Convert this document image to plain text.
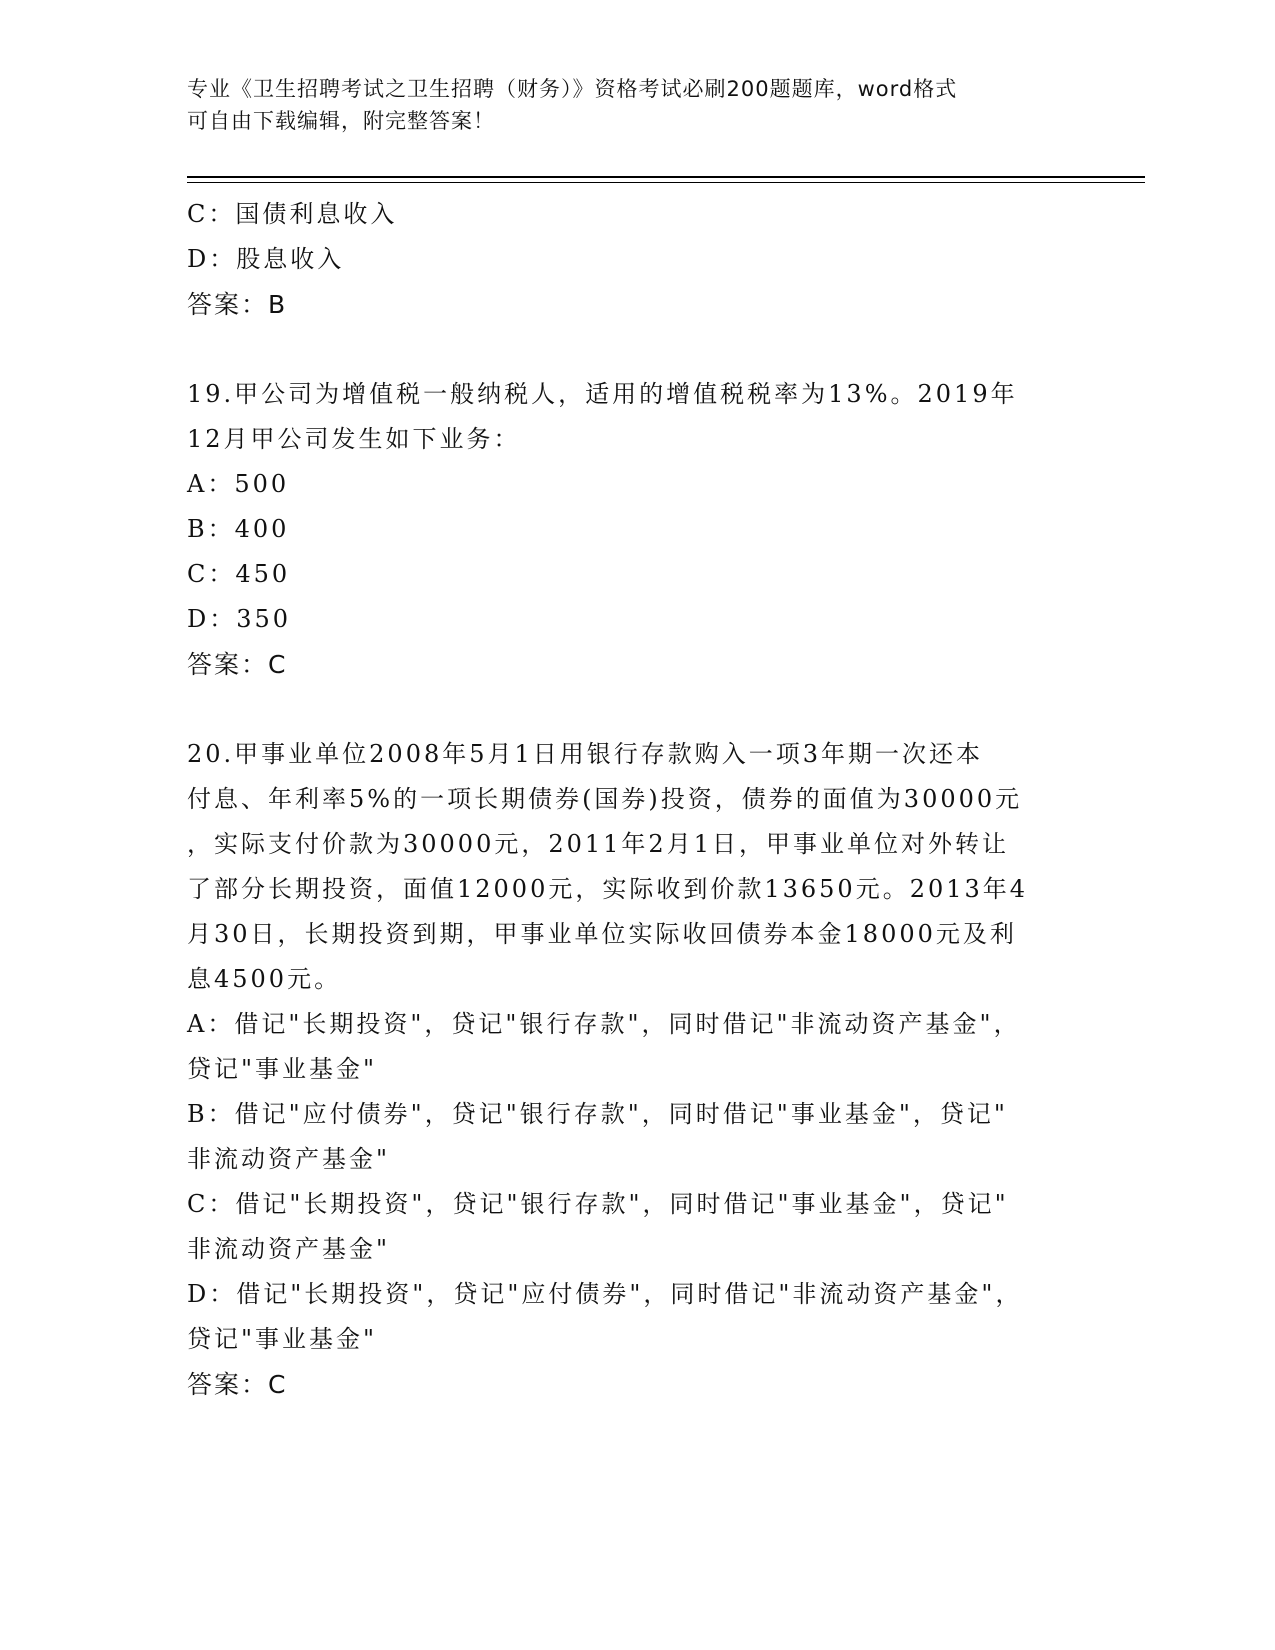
专业《卫生招聘考试之卫生招聘（财务）》资格考试必刷200题题库，word格式
可自由下载编辑，附完整答案！
C：国债利息收入
D：股息收入
答案：B
19.甲公司为增值税一般纳税人，适用的增值税税率为13%。2019年
12月甲公司发生如下业务：
A：500
B：400
C：450
D：350
答案：C
20.甲事业单位2008年5月1日用银行存款购入一项3年期一次还本
付息、年利率5%的一项长期债券(国券)投资，债券的面值为30000元
，实际支付价款为30000元，2011年2月1日，甲事业单位对外转让
了部分长期投资，面值12000元，实际收到价款13650元。2013年4
月30日，长期投资到期，甲事业单位实际收回债券本金18000元及利
息4500元。
A：借记"长期投资"，贷记"银行存款"，同时借记"非流动资产基金"，
贷记"事业基金"
B：借记"应付债券"，贷记"银行存款"，同时借记"事业基金"，贷记"
非流动资产基金"
C：借记"长期投资"，贷记"银行存款"，同时借记"事业基金"，贷记"
非流动资产基金"
D：借记"长期投资"，贷记"应付债券"，同时借记"非流动资产基金"，
贷记"事业基金"
答案：C
